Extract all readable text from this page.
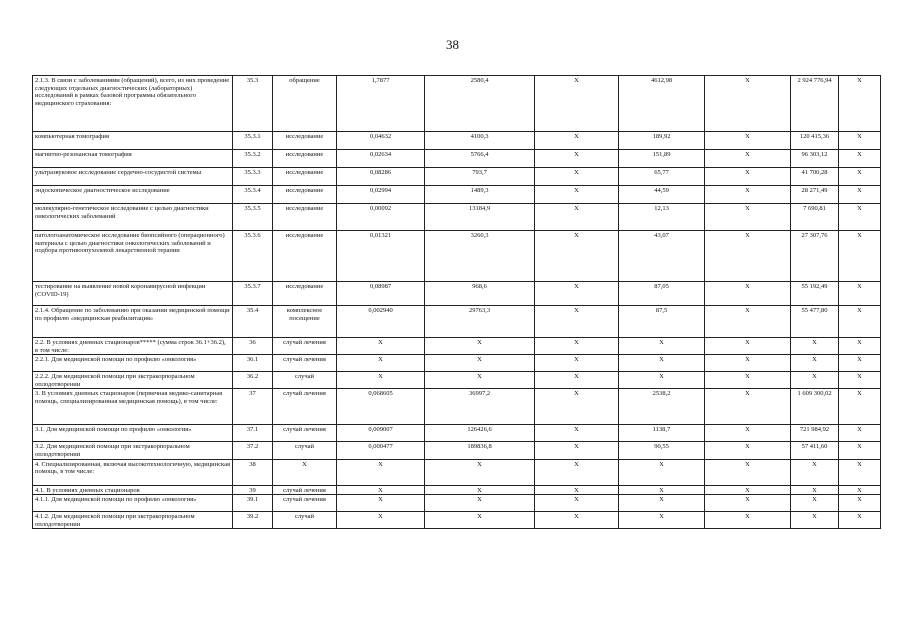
38
2.1.3. В связи с заболеваниями (обращений), всего, из них проведение следующих отдельных диагностических (лабораторных) исследований в рамках базовой программы обязательного медицинского страхования:	35.3	обращение	1,7877	2580,4	X	4612,98	X	2 924 776,94	X
компьютерная томография	35.3.1	исследование	0,04632	4100,3	X	189,92	X	120 415,36	X
магнитно-резонансная томография	35.3.2	исследование	0,02634	5766,4	X	151,89	X	96 303,12	X
ультразвуковое исследование сердечно-сосудистой системы	35.3.3	исследование	0,08286	793,7	X	65,77	X	41 700,28	X
эндоскопическое диагностическое исследование	35.3.4	исследование	0,02994	1489,3	X	44,59	X	28 271,49	X
молекулярно-генетическое исследование с целью диагностики онкологических заболеваний	35.3.5	исследование	0,00092	13184,9	X	12,13	X	7 690,81	X
патологоанатомическое исследование биопсийного (операционного) материала с целью диагностики онкологических заболеваний и подбора противоопухолевой лекарственной терапии	35.3.6	исследование	0,01321	3260,3	X	43,07	X	27 307,76	X
тестирование на выявление новой коронавирусной инфекции (COVID-19)	35.3.7	исследование	0,08987	968,6	X	87,05	X	55 192,49	X
2.1.4. Обращение по заболеванию при оказании медицинской помощи по профилю «медицинская реабилитация»	35.4	комплексное посещение	0,002940	29763,3	X	87,5	X	55 477,80	X
2.2. В условиях дневных стационаров***** (сумма строк 36.1+36.2), в том числе:	36	случай лечения	X	X	X	X	X	X	X
2.2.1. Для медицинской помощи по профилю «онкология»	36.1	случай лечения	X	X	X	X	X	X	X
2.2.2. Для медицинской помощи при экстракорпоральном оплодотворении	36.2	случай	X	X	X	X	X	X	X
3. В условиях дневных стационаров (первичная медико-санитарная помощь, специализированная медицинская помощь), в том числе:	37	случай лечения	0,068605	36997,2	X	2538,2	X	1 609 300,02	X
3.1. Для медицинской помощи по профилю «онкология»	37.1	случай лечения	0,009007	126426,6	X	1138,7	X	721 984,92	X
3.2. Для медицинской помощи при экстракорпоральном оплодотворении	37.2	случай	0,000477	189836,8	X	90,55	X	57 411,60	X
4. Специализированная, включая высокотехнологичную, медицинская помощь, в том числе:	38	X	X	X	X	X	X	X	X
4.1. В условиях дневных стационаров	39	случай лечения	X	X	X	X	X	X	X
4.1.1. Для медицинской помощи по профилю «онкология»	39.1	случай лечения	X	X	X	X	X	X	X
4.1.2. Для медицинской помощи при экстракорпоральном оплодотворении	39.2	случай	X	X	X	X	X	X	X
